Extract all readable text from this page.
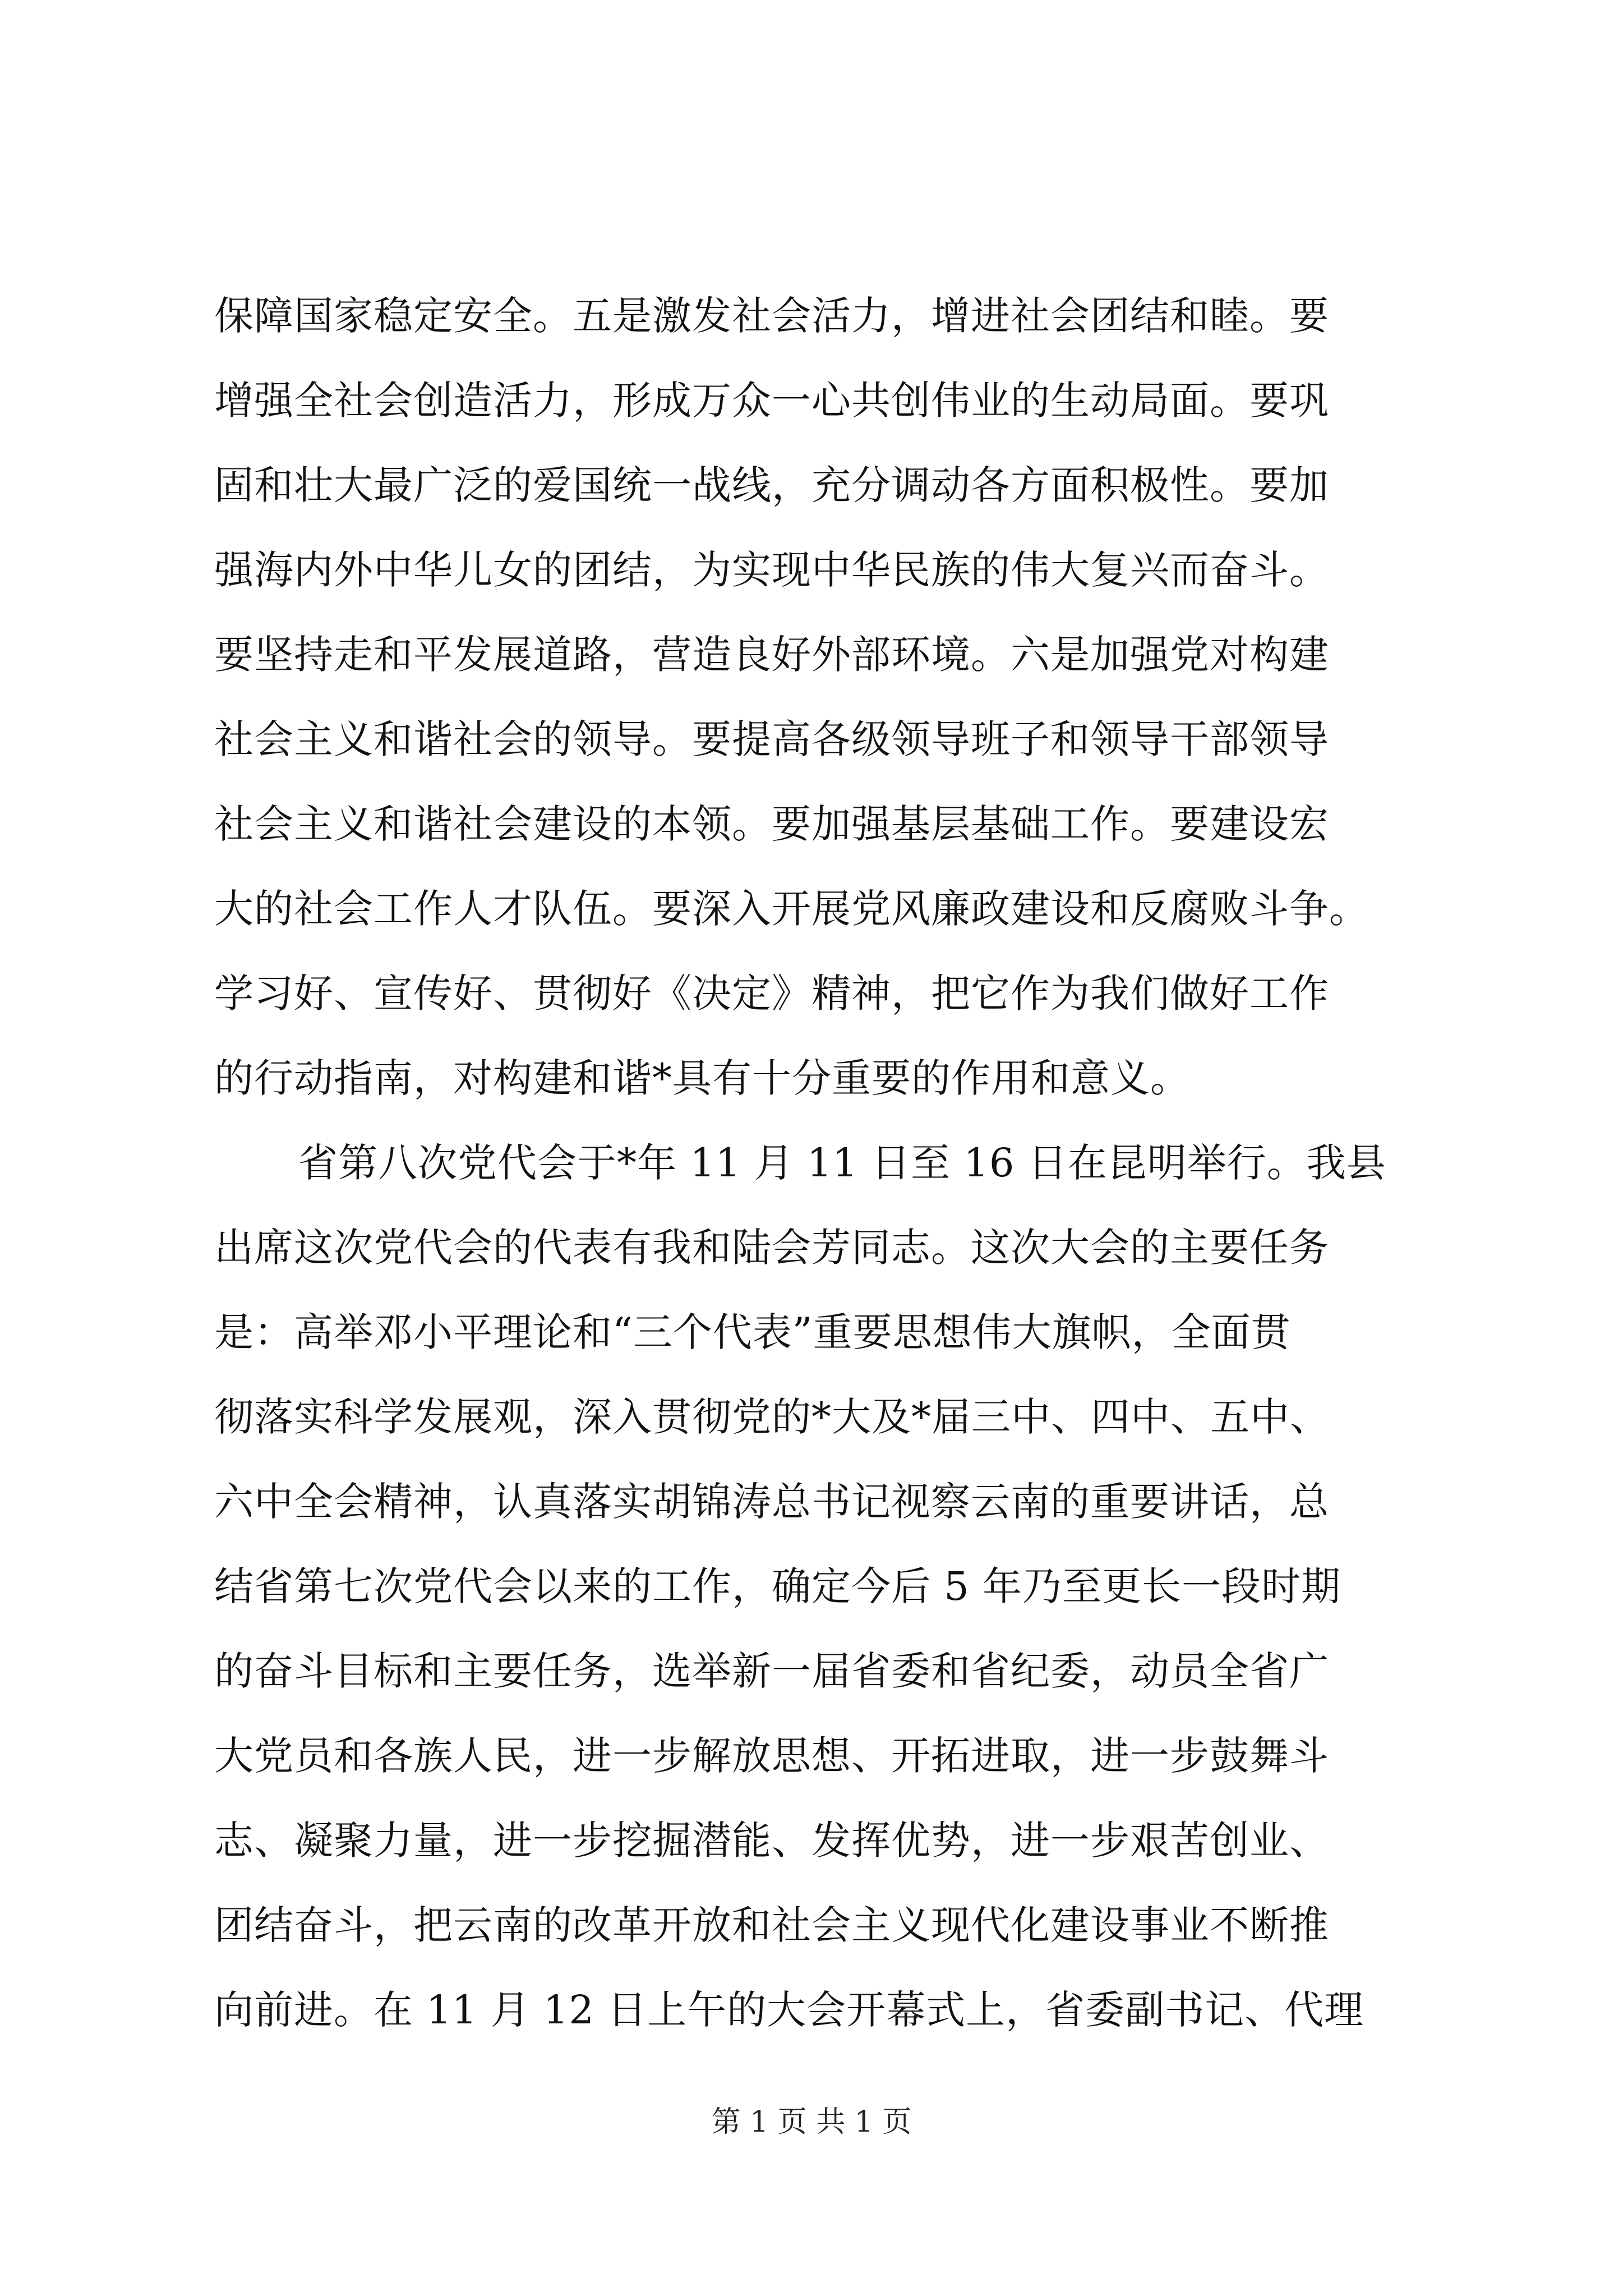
保障国家稳定安全。五是激发社会活力，增进社会团结和睦。要
增强全社会创造活力，形成万众一心共创伟业的生动局面。要巩
固和壮大最广泛的爱国统一战线，充分调动各方面积极性。要加
强海内外中华儿女的团结，为实现中华民族的伟大复兴而奋斗。
要坚持走和平发展道路，营造良好外部环境。六是加强党对构建
社会主义和谐社会的领导。要提高各级领导班子和领导干部领导
社会主义和谐社会建设的本领。要加强基层基础工作。要建设宏
大的社会工作人才队伍。要深入开展党风廉政建设和反腐败斗争。
学习好、宣传好、贯彻好《决定》精神，把它作为我们做好工作
的行动指南，对构建和谐*具有十分重要的作用和意义。
省第八次党代会于*年 11 月 11 日至 16 日在昆明举行。我县
出席这次党代会的代表有我和陆会芳同志。这次大会的主要任务
是：高举邓小平理论和“三个代表”重要思想伟大旗帜，全面贯
彻落实科学发展观，深入贯彻党的*大及*届三中、四中、五中、
六中全会精神，认真落实胡锦涛总书记视察云南的重要讲话，总
结省第七次党代会以来的工作，确定今后 5 年乃至更长一段时期
的奋斗目标和主要任务，选举新一届省委和省纪委，动员全省广
大党员和各族人民，进一步解放思想、开拓进取，进一步鼓舞斗
志、凝聚力量，进一步挖掘潜能、发挥优势，进一步艰苦创业、
团结奋斗，把云南的改革开放和社会主义现代化建设事业不断推
向前进。在 11 月 12 日上午的大会开幕式上，省委副书记、代理
第 1 页 共 1 页
